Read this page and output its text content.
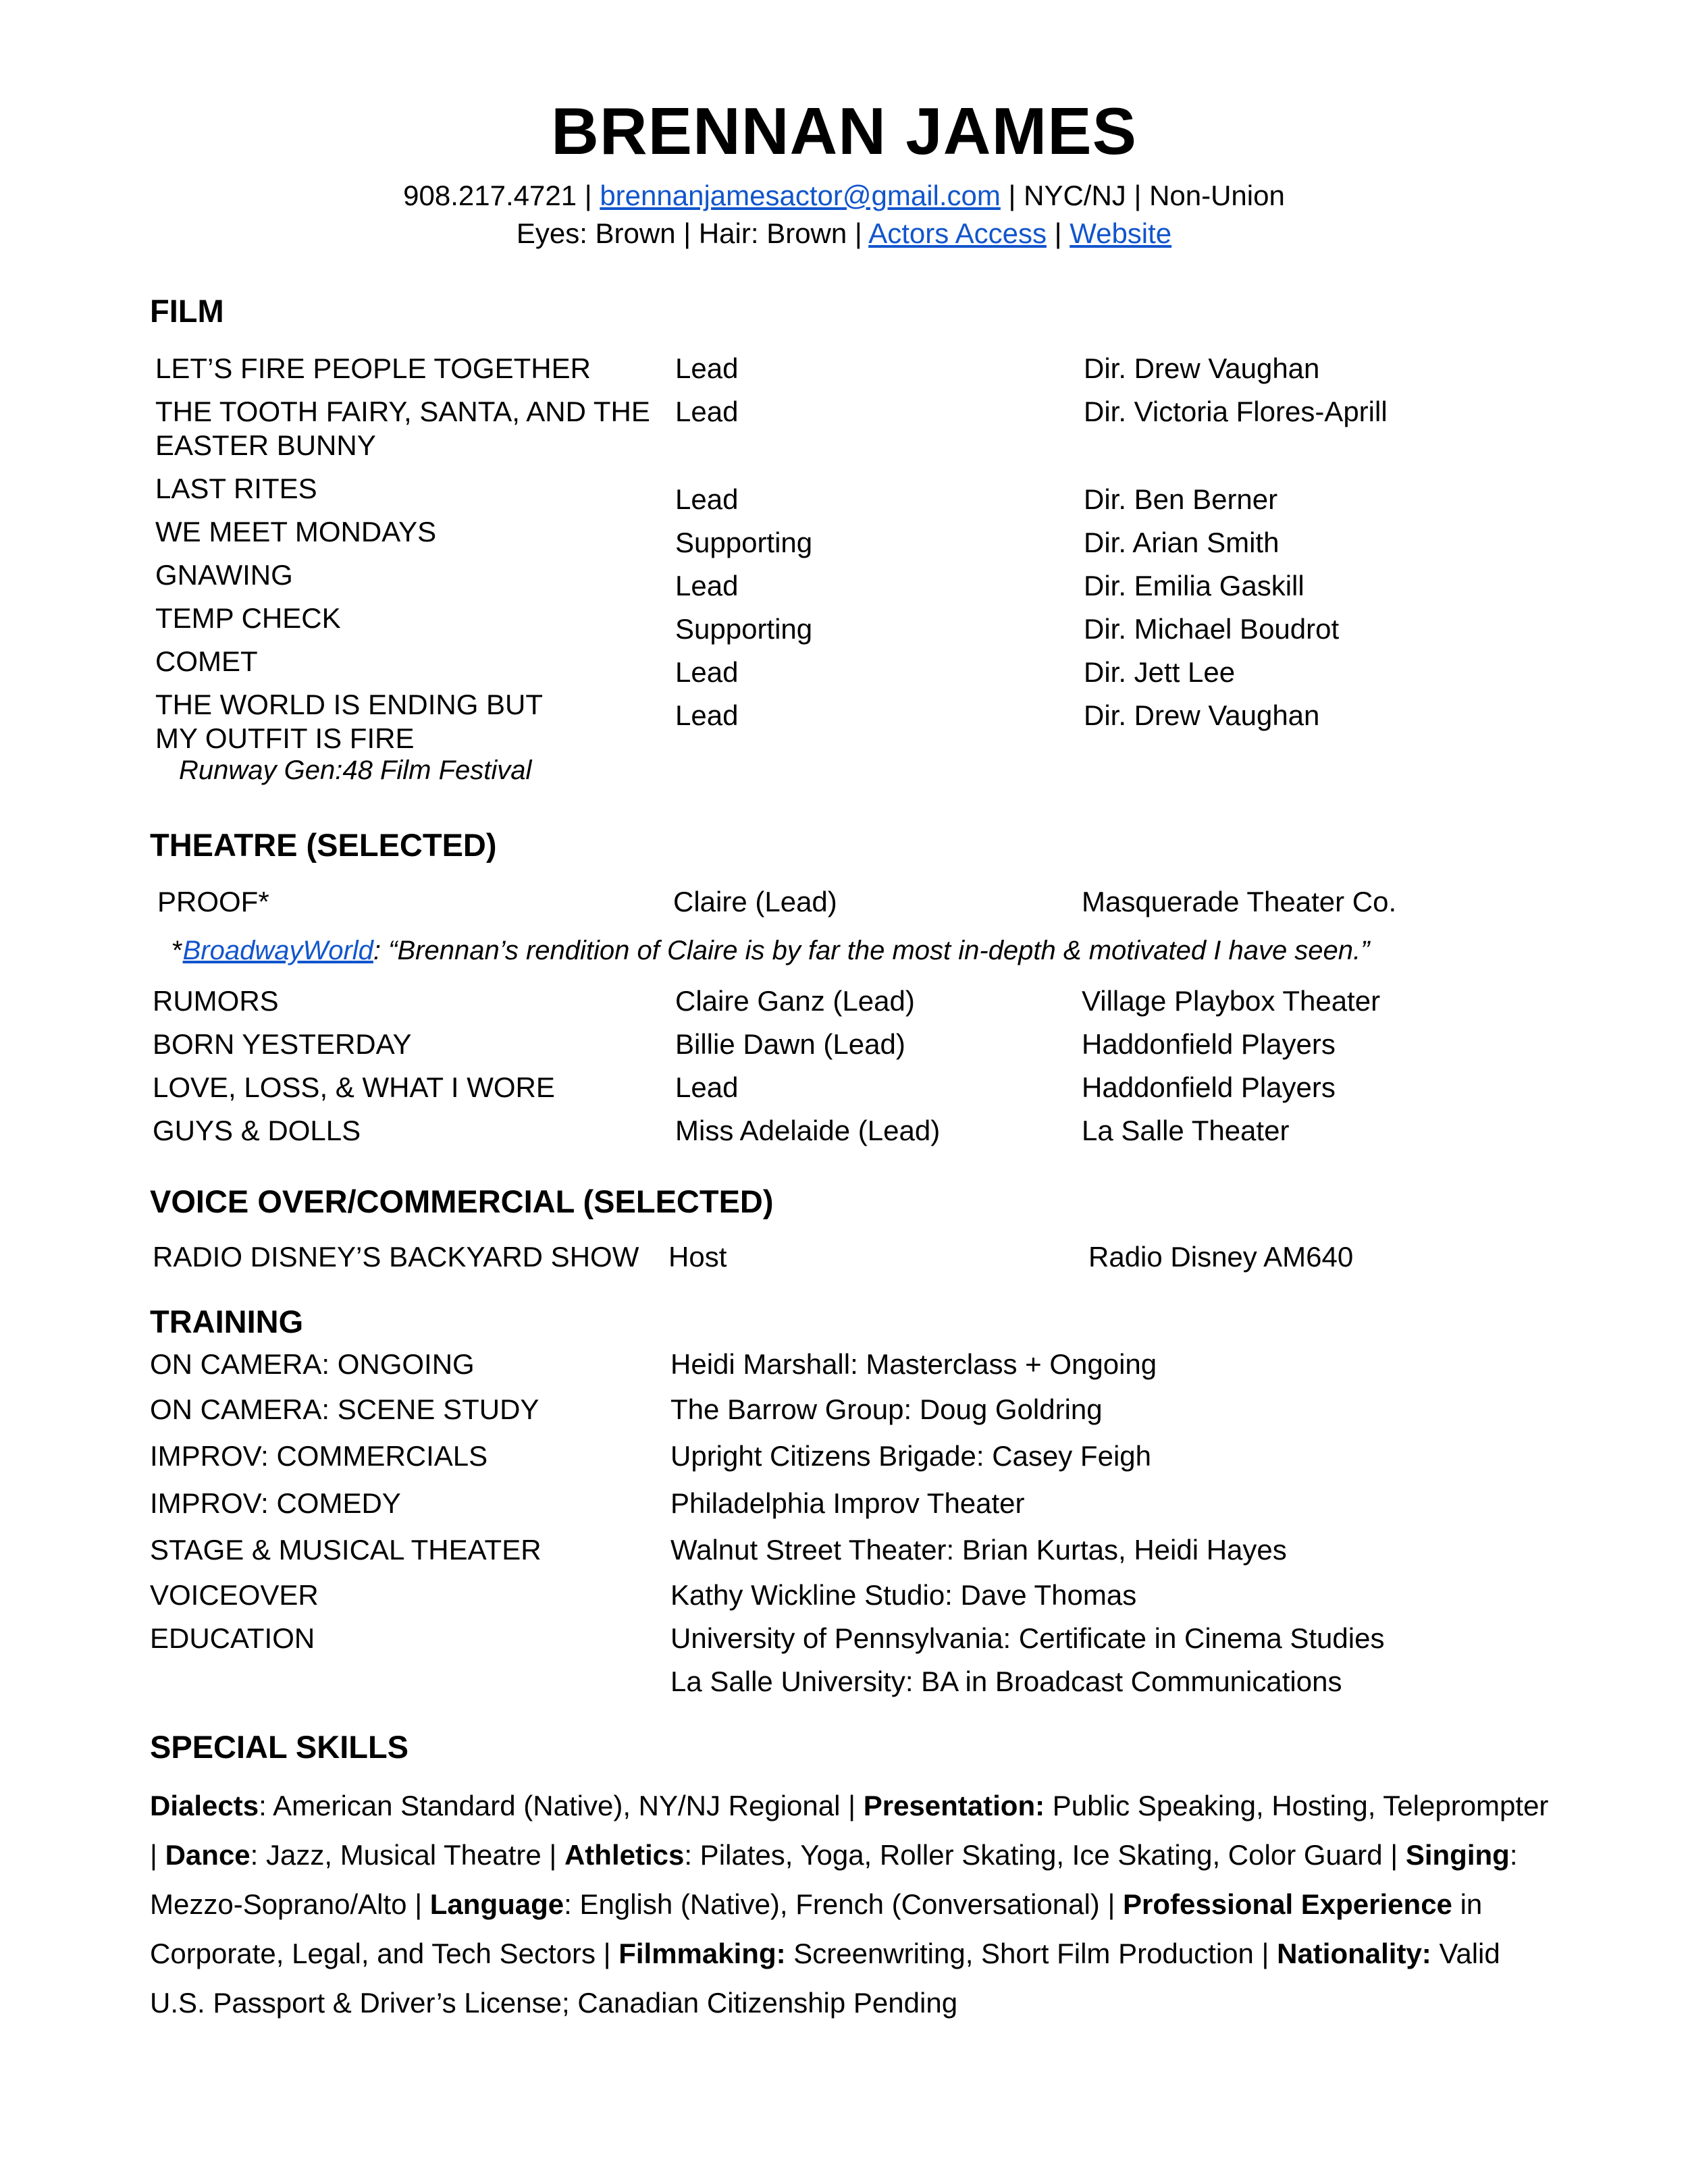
BRENNAN JAMES
908.217.4721 | brennanjamesactor@gmail.com | NYC/NJ | Non-Union
Eyes: Brown | Hair: Brown | Actors Access | Website
FILM
LET’S FIRE PEOPLE TOGETHER	Lead	Dir. Drew Vaughan
THE TOOTH FAIRY, SANTA, AND THE
EASTER BUNNY
Lead	Dir. Victoria Flores-Aprill
LAST RITES	Lead	Dir. Ben Berner
WE MEET MONDAYS	Supporting	Dir. Arian Smith
GNAWING	Lead	Dir. Emilia Gaskill
TEMP CHECK	Supporting	Dir. Michael Boudrot
COMET	Lead	Dir. Jett Lee
THE WORLD IS ENDING BUT
MY OUTFIT IS FIRE
Runway Gen:48 Film Festival
Lead	Dir. Drew Vaughan
THEATRE (SELECTED)
PROOF*	Claire (Lead)	Masquerade Theater Co.
*BroadwayWorld: “Brennan’s rendition of Claire is by far the most in-depth & motivated I have seen.”
RUMORS	Claire Ganz (Lead)	Village Playbox Theater
BORN YESTERDAY	Billie Dawn (Lead)	Haddonfield Players
LOVE, LOSS, & WHAT I WORE	Lead	Haddonfield Players
GUYS & DOLLS	Miss Adelaide (Lead)	La Salle Theater
VOICE OVER/COMMERCIAL (SELECTED)
RADIO DISNEY’S BACKYARD SHOW Host	Radio Disney AM640
TRAINING
ON CAMERA: ONGOING	Heidi Marshall: Masterclass + Ongoing
ON CAMERA: SCENE STUDY	The Barrow Group: Doug Goldring
IMPROV: COMMERCIALS	Upright Citizens Brigade: Casey Feigh
IMPROV: COMEDY	Philadelphia Improv Theater
STAGE & MUSICAL THEATER	Walnut Street Theater: Brian Kurtas, Heidi Hayes
VOICEOVER	Kathy Wickline Studio: Dave Thomas
EDUCATION	University of Pennsylvania: Certificate in Cinema Studies
La Salle University: BA in Broadcast Communications
SPECIAL SKILLS
Dialects: American Standard (Native), NY/NJ Regional | Presentation: Public Speaking, Hosting, Teleprompter | Dance: Jazz, Musical Theatre | Athletics: Pilates, Yoga, Roller Skating, Ice Skating, Color Guard | Singing: Mezzo-Soprano/Alto | Language: English (Native), French (Conversational) | Professional Experience in Corporate, Legal, and Tech Sectors | Filmmaking: Screenwriting, Short Film Production | Nationality: Valid U.S. Passport & Driver’s License; Canadian Citizenship Pending
